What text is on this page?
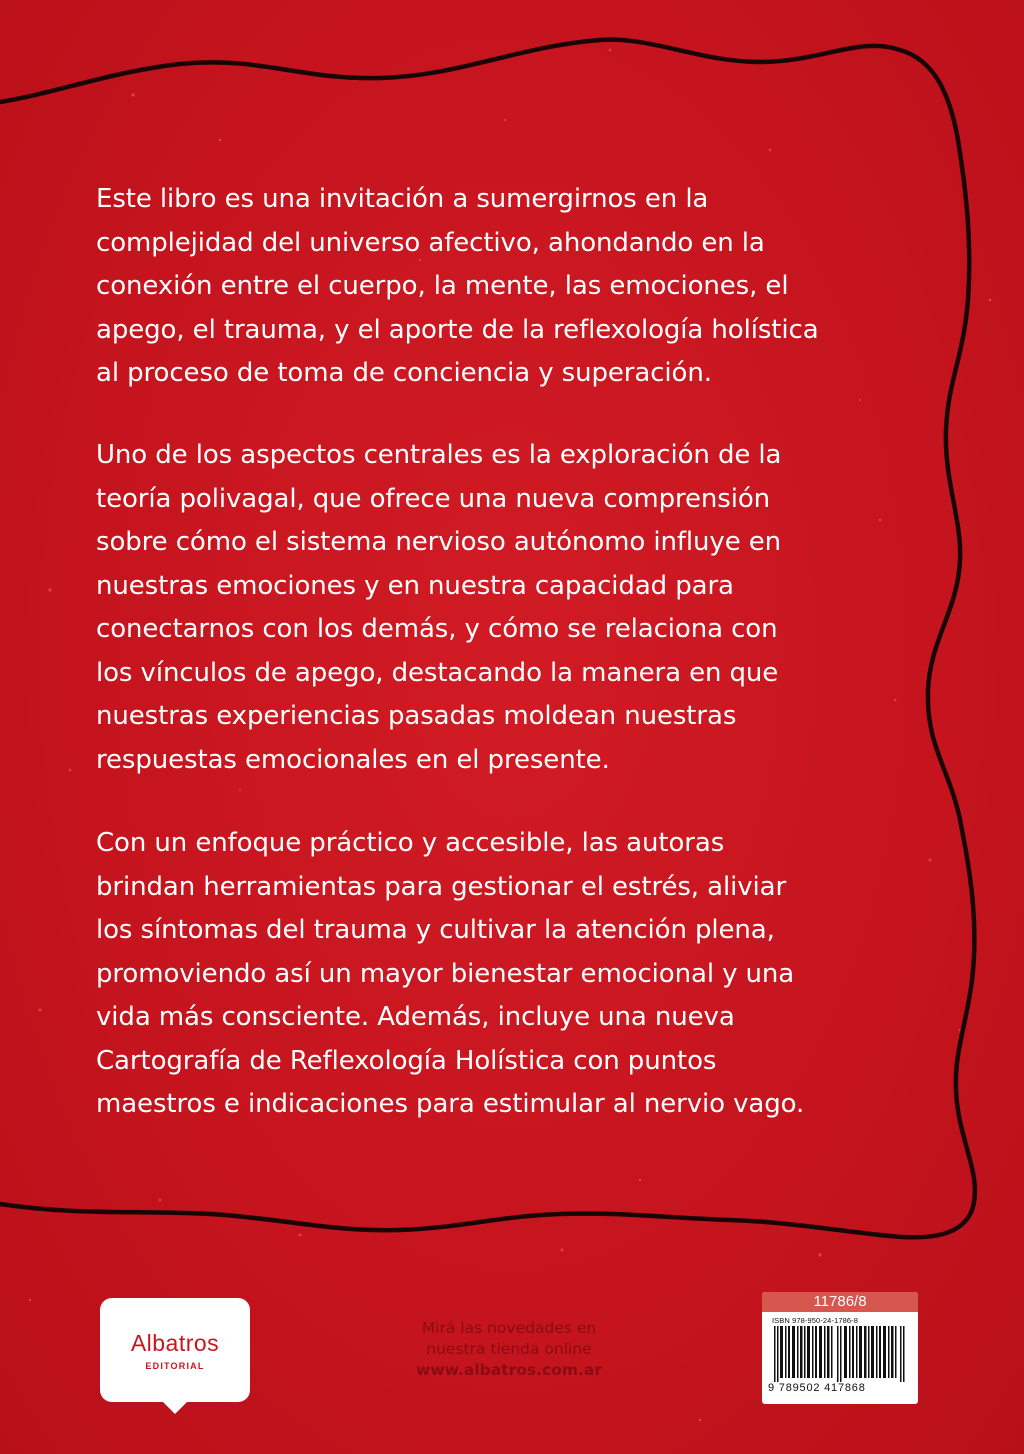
Este libro es una invitación a sumergirnos en la
complejidad del universo afectivo, ahondando en la
conexión entre el cuerpo, la mente, las emociones, el
apego, el trauma, y el aporte de la reflexología holística
al proceso de toma de conciencia y superación.

Uno de los aspectos centrales es la exploración de la
teoría polivagal, que ofrece una nueva comprensión
sobre cómo el sistema nervioso autónomo influye en
nuestras emociones y en nuestra capacidad para
conectarnos con los demás, y cómo se relaciona con
los vínculos de apego, destacando la manera en que
nuestras experiencias pasadas moldean nuestras
respuestas emocionales en el presente.

Con un enfoque práctico y accesible, las autoras
brindan herramientas para gestionar el estrés, aliviar
los síntomas del trauma y cultivar la atención plena,
promoviendo así un mayor bienestar emocional y una
vida más consciente. Además, incluye una nueva
Cartografía de Reflexología Holística con puntos
maestros e indicaciones para estimular al nervio vago.

Albatros
EDITORIAL
Mirá las novedades en
nuestra tienda online
www.albatros.com.ar
11786/8
ISBN 978-950-24-1786-8
9 789502 417868
